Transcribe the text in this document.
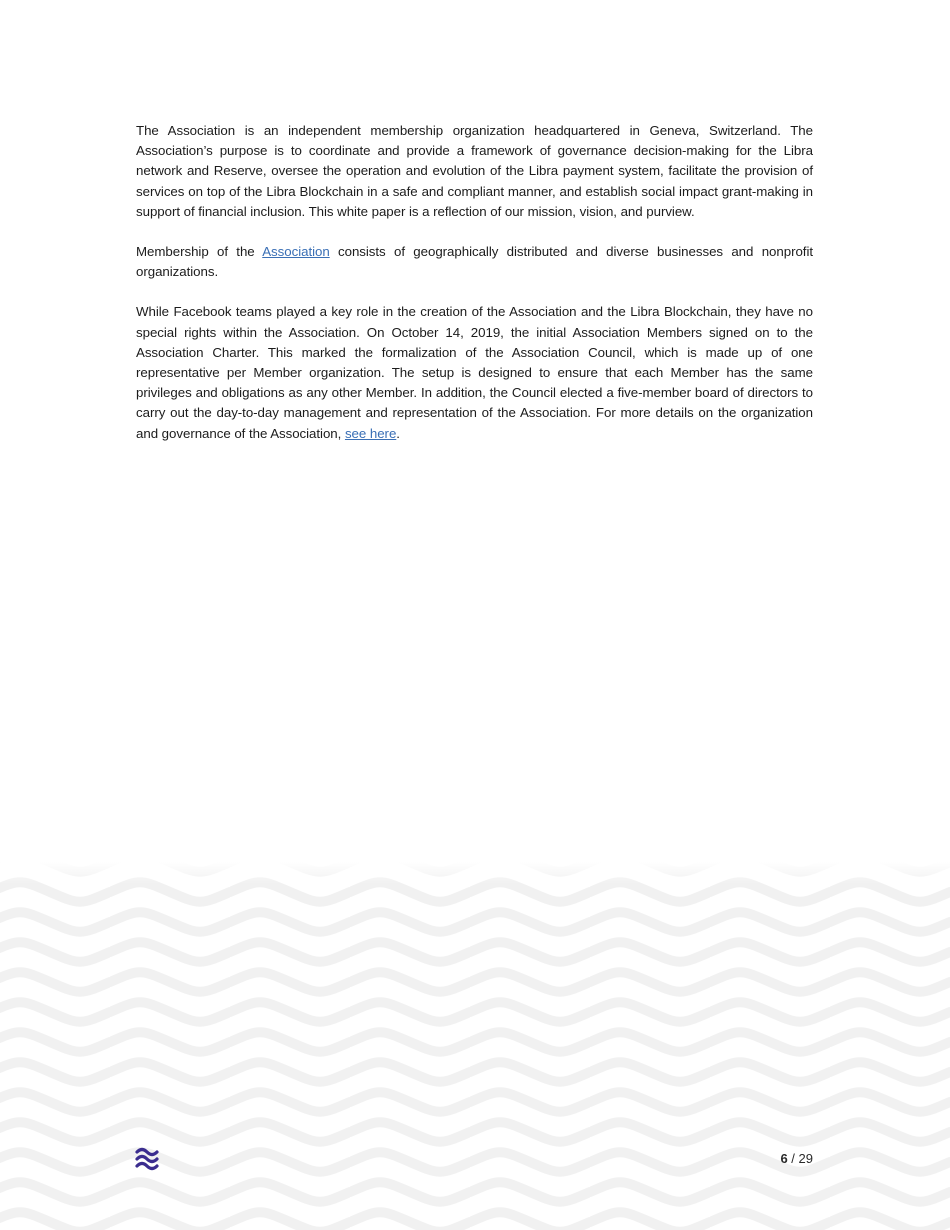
The Association is an independent membership organization headquartered in Geneva, Switzerland. The Association’s purpose is to coordinate and provide a framework of governance decision-making for the Libra network and Reserve, oversee the operation and evolution of the Libra payment system, facilitate the provision of services on top of the Libra Blockchain in a safe and compliant manner, and establish social impact grant-making in support of financial inclusion. This white paper is a reflection of our mission, vision, and purview.

Membership of the Association consists of geographically distributed and diverse businesses and nonprofit organizations.

While Facebook teams played a key role in the creation of the Association and the Libra Blockchain, they have no special rights within the Association. On October 14, 2019, the initial Association Members signed on to the Association Charter. This marked the formalization of the Association Council, which is made up of one representative per Member organization. The setup is designed to ensure that each Member has the same privileges and obligations as any other Member. In addition, the Council elected a five-member board of directors to carry out the day-to-day management and representation of the Association. For more details on the organization and governance of the Association, see here.

6 / 29
